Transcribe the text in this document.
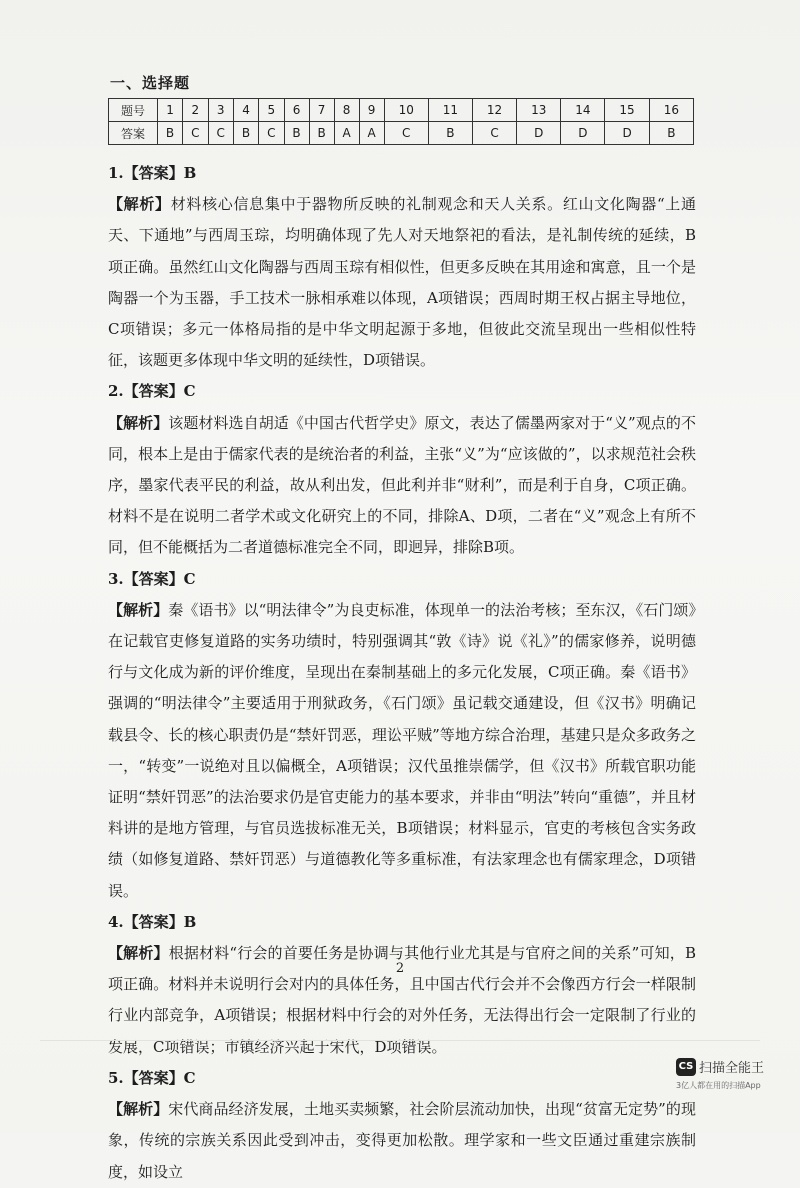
一、选择题
题号	1	2	3	4	5	6	7	8	9	10	11	12	13	14	15	16
答案	B	C	C	B	C	B	B	A	A	C	B	C	D	D	D	B

1.【答案】B

【解析】材料核心信息集中于器物所反映的礼制观念和天人关系。红山文化陶器“上通天、下通地”与西周玉琮，均明确体现了先人对天地祭祀的看法，是礼制传统的延续，B项正确。虽然红山文化陶器与西周玉琮有相似性，但更多反映在其用途和寓意，且一个是陶器一个为玉器，手工技术一脉相承难以体现，A项错误；西周时期王权占据主导地位，C项错误；多元一体格局指的是中华文明起源于多地，但彼此交流呈现出一些相似性特征，该题更多体现中华文明的延续性，D项错误。

2.【答案】C

【解析】该题材料选自胡适《中国古代哲学史》原文，表达了儒墨两家对于“义”观点的不同，根本上是由于儒家代表的是统治者的利益，主张“义”为“应该做的”，以求规范社会秩序，墨家代表平民的利益，故从利出发，但此利并非“财利”，而是利于自身，C项正确。材料不是在说明二者学术或文化研究上的不同，排除A、D项，二者在“义”观念上有所不同，但不能概括为二者道德标准完全不同，即迥异，排除B项。

3.【答案】C

【解析】秦《语书》以“明法律令”为良吏标准，体现单一的法治考核；至东汉，《石门颂》在记载官吏修复道路的实务功绩时，特别强调其“敦《诗》说《礼》”的儒家修养，说明德行与文化成为新的评价维度，呈现出在秦制基础上的多元化发展，C项正确。秦《语书》强调的“明法律令”主要适用于刑狱政务，《石门颂》虽记载交通建设，但《汉书》明确记载县令、长的核心职责仍是“禁奸罚恶，理讼平贼”等地方综合治理，基建只是众多政务之一，“转变”一说绝对且以偏概全，A项错误；汉代虽推崇儒学，但《汉书》所载官职功能证明“禁奸罚恶”的法治要求仍是官吏能力的基本要求，并非由“明法”转向“重德”，并且材料讲的是地方管理，与官员选拔标准无关，B项错误；材料显示，官吏的考核包含实务政绩（如修复道路、禁奸罚恶）与道德教化等多重标准，有法家理念也有儒家理念，D项错误。

4.【答案】B

【解析】根据材料“行会的首要任务是协调与其他行业尤其是与官府之间的关系”可知，B项正确。材料并未说明行会对内的具体任务，且中国古代行会并不会像西方行会一样限制行业内部竞争，A项错误；根据材料中行会的对外任务，无法得出行会一定限制了行业的发展，C项错误；市镇经济兴起于宋代，D项错误。

5.【答案】C

【解析】宋代商品经济发展，土地买卖频繁，社会阶层流动加快，出现“贫富无定势”的现象，传统的宗族关系因此受到冲击，变得更加松散。理学家和一些文臣通过重建宗族制度，如设立

2
CS 扫描全能王
3亿人都在用的扫描App
